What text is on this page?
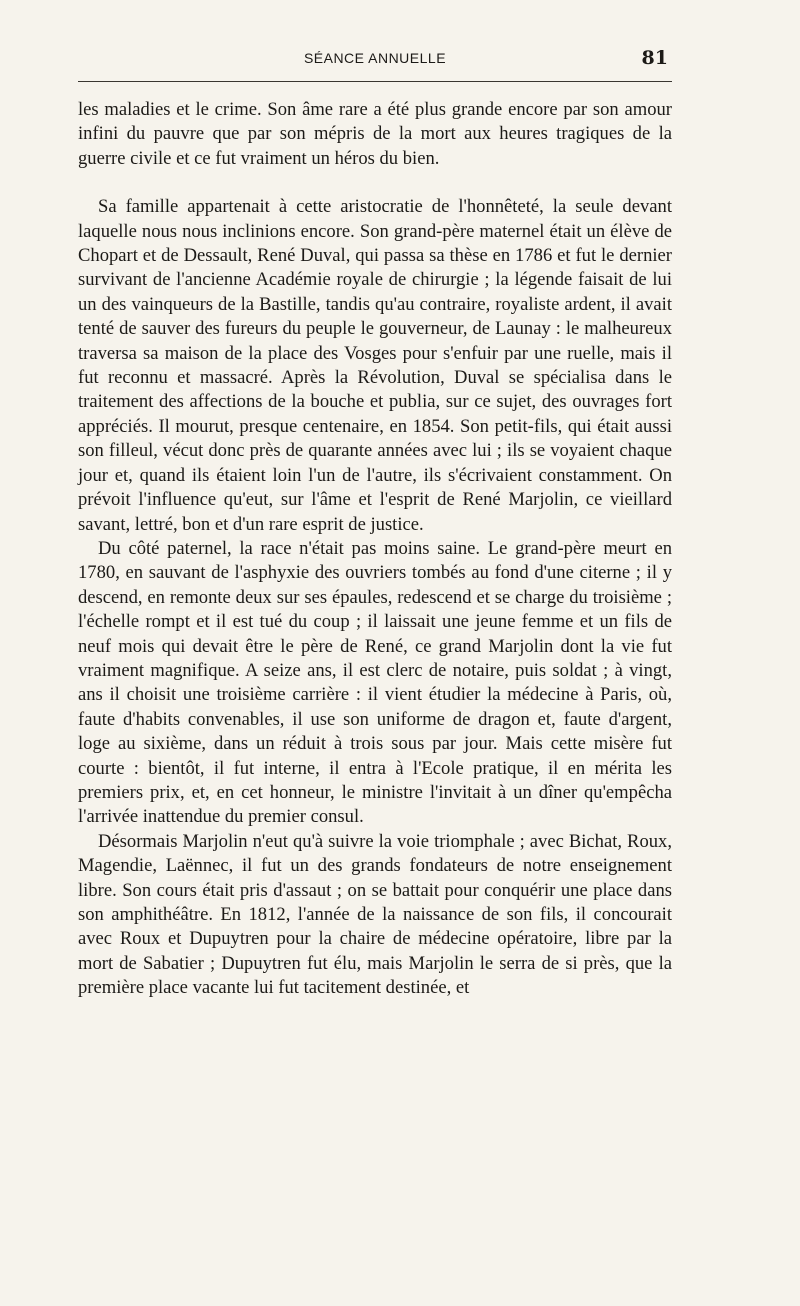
SÉANCE ANNUELLE	81

les maladies et le crime. Son âme rare a été plus grande encore par son amour infini du pauvre que par son mépris de la mort aux heures tragiques de la guerre civile et ce fut vraiment un héros du bien.

Sa famille appartenait à cette aristocratie de l'honnêteté, la seule devant laquelle nous nous inclinions encore. Son grand-père maternel était un élève de Chopart et de Dessault, René Duval, qui passa sa thèse en 1786 et fut le dernier survivant de l'ancienne Académie royale de chirurgie ; la légende faisait de lui un des vainqueurs de la Bastille, tandis qu'au contraire, royaliste ardent, il avait tenté de sauver des fureurs du peuple le gouverneur, de Launay : le malheureux traversa sa maison de la place des Vosges pour s'enfuir par une ruelle, mais il fut reconnu et massacré. Après la Révolution, Duval se spécialisa dans le traitement des affections de la bouche et publia, sur ce sujet, des ouvrages fort appréciés. Il mourut, presque centenaire, en 1854. Son petit-fils, qui était aussi son filleul, vécut donc près de quarante années avec lui ; ils se voyaient chaque jour et, quand ils étaient loin l'un de l'autre, ils s'écrivaient constamment. On prévoit l'influence qu'eut, sur l'âme et l'esprit de René Marjolin, ce vieillard savant, lettré, bon et d'un rare esprit de justice.

Du côté paternel, la race n'était pas moins saine. Le grand-père meurt en 1780, en sauvant de l'asphyxie des ouvriers tombés au fond d'une citerne ; il y descend, en remonte deux sur ses épaules, redescend et se charge du troisième ; l'échelle rompt et il est tué du coup ; il laissait une jeune femme et un fils de neuf mois qui devait être le père de René, ce grand Marjolin dont la vie fut vraiment magnifique. A seize ans, il est clerc de notaire, puis soldat ; à vingt, ans il choisit une troisième carrière : il vient étudier la médecine à Paris, où, faute d'habits convenables, il use son uniforme de dragon et, faute d'argent, loge au sixième, dans un réduit à trois sous par jour. Mais cette misère fut courte : bientôt, il fut interne, il entra à l'Ecole pratique, il en mérita les premiers prix, et, en cet honneur, le ministre l'invitait à un dîner qu'empêcha l'arrivée inattendue du premier consul.

Désormais Marjolin n'eut qu'à suivre la voie triomphale ; avec Bichat, Roux, Magendie, Laënnec, il fut un des grands fondateurs de notre enseignement libre. Son cours était pris d'assaut ; on se battait pour conquérir une place dans son amphithéâtre. En 1812, l'année de la naissance de son fils, il concourait avec Roux et Dupuytren pour la chaire de médecine opératoire, libre par la mort de Sabatier ; Dupuytren fut élu, mais Marjolin le serra de si près, que la première place vacante lui fut tacitement destinée, et
